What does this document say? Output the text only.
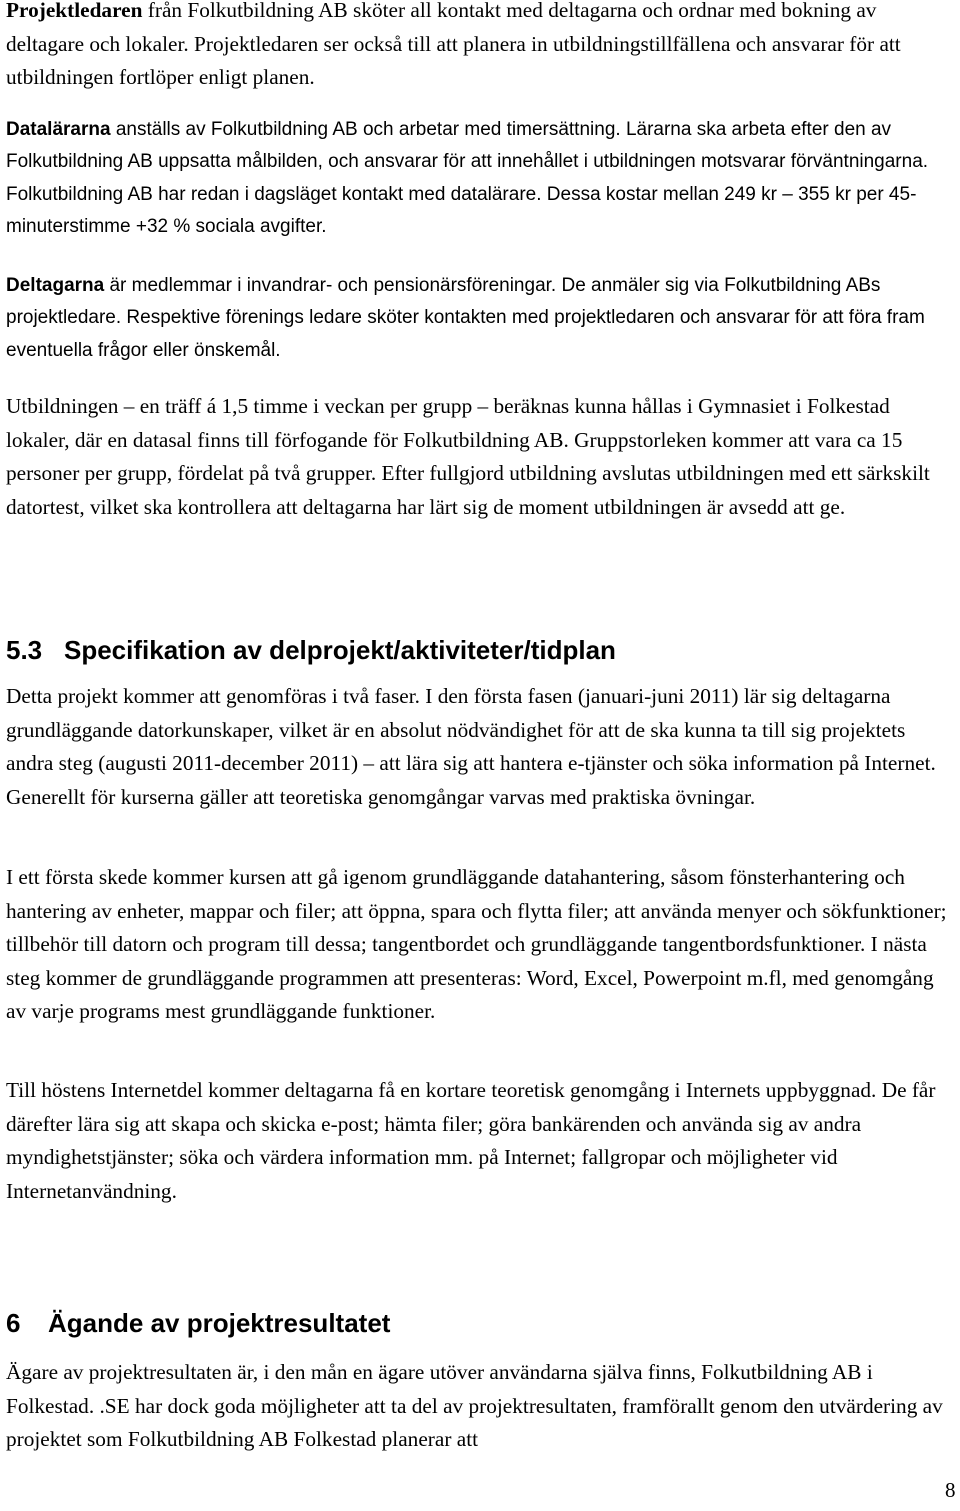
Projektledaren från Folkutbildning AB sköter all kontakt med deltagarna och ordnar med bokning av deltagare och lokaler. Projektledaren ser också till att planera in utbildningstillfällena och ansvarar för att utbildningen fortlöper enligt planen.

Datalärarna anställs av Folkutbildning AB och arbetar med timersättning. Lärarna ska arbeta efter den av Folkutbildning AB uppsatta målbilden, och ansvarar för att innehållet i utbildningen motsvarar förväntningarna. Folkutbildning AB har redan i dagsläget kontakt med datalärare. Dessa kostar mellan 249 kr – 355 kr per 45-minuterstimme +32 % sociala avgifter.

Deltagarna är medlemmar i invandrar- och pensionärsföreningar. De anmäler sig via Folkutbildning ABs projektledare. Respektive förenings ledare sköter kontakten med projektledaren och ansvarar för att föra fram eventuella frågor eller önskemål.

Utbildningen – en träff á 1,5 timme i veckan per grupp – beräknas kunna hållas i Gymnasiet i Folkestad lokaler, där en datasal finns till förfogande för Folkutbildning AB. Gruppstorleken kommer att vara ca 15 personer per grupp, fördelat på två grupper. Efter fullgjord utbildning avslutas utbildningen med ett särkskilt datortest, vilket ska kontrollera att deltagarna har lärt sig de moment utbildningen är avsedd att ge.

5.3 Specifikation av delprojekt/aktiviteter/tidplan

Detta projekt kommer att genomföras i två faser. I den första fasen (januari-juni 2011) lär sig deltagarna grundläggande datorkunskaper, vilket är en absolut nödvändighet för att de ska kunna ta till sig projektets andra steg (augusti 2011-december 2011) – att lära sig att hantera e-tjänster och söka information på Internet. Generellt för kurserna gäller att teoretiska genomgångar varvas med praktiska övningar.

I ett första skede kommer kursen att gå igenom grundläggande datahantering, såsom fönsterhantering och hantering av enheter, mappar och filer; att öppna, spara och flytta filer; att använda menyer och sökfunktioner; tillbehör till datorn och program till dessa; tangentbordet och grundläggande tangentbordsfunktioner. I nästa steg kommer de grundläggande programmen att presenteras: Word, Excel, Powerpoint m.fl, med genomgång av varje programs mest grundläggande funktioner.

Till höstens Internetdel kommer deltagarna få en kortare teoretisk genomgång i Internets uppbyggnad. De får därefter lära sig att skapa och skicka e-post; hämta filer; göra bankärenden och använda sig av andra myndighetstjänster; söka och värdera information mm. på Internet; fallgropar och möjligheter vid Internetanvändning.

6 Ägande av projektresultatet

Ägare av projektresultaten är, i den mån en ägare utöver användarna själva finns, Folkutbildning AB i Folkestad. .SE har dock goda möjligheter att ta del av projektresultaten, framförallt genom den utvärdering av projektet som Folkutbildning AB Folkestad planerar att

8
